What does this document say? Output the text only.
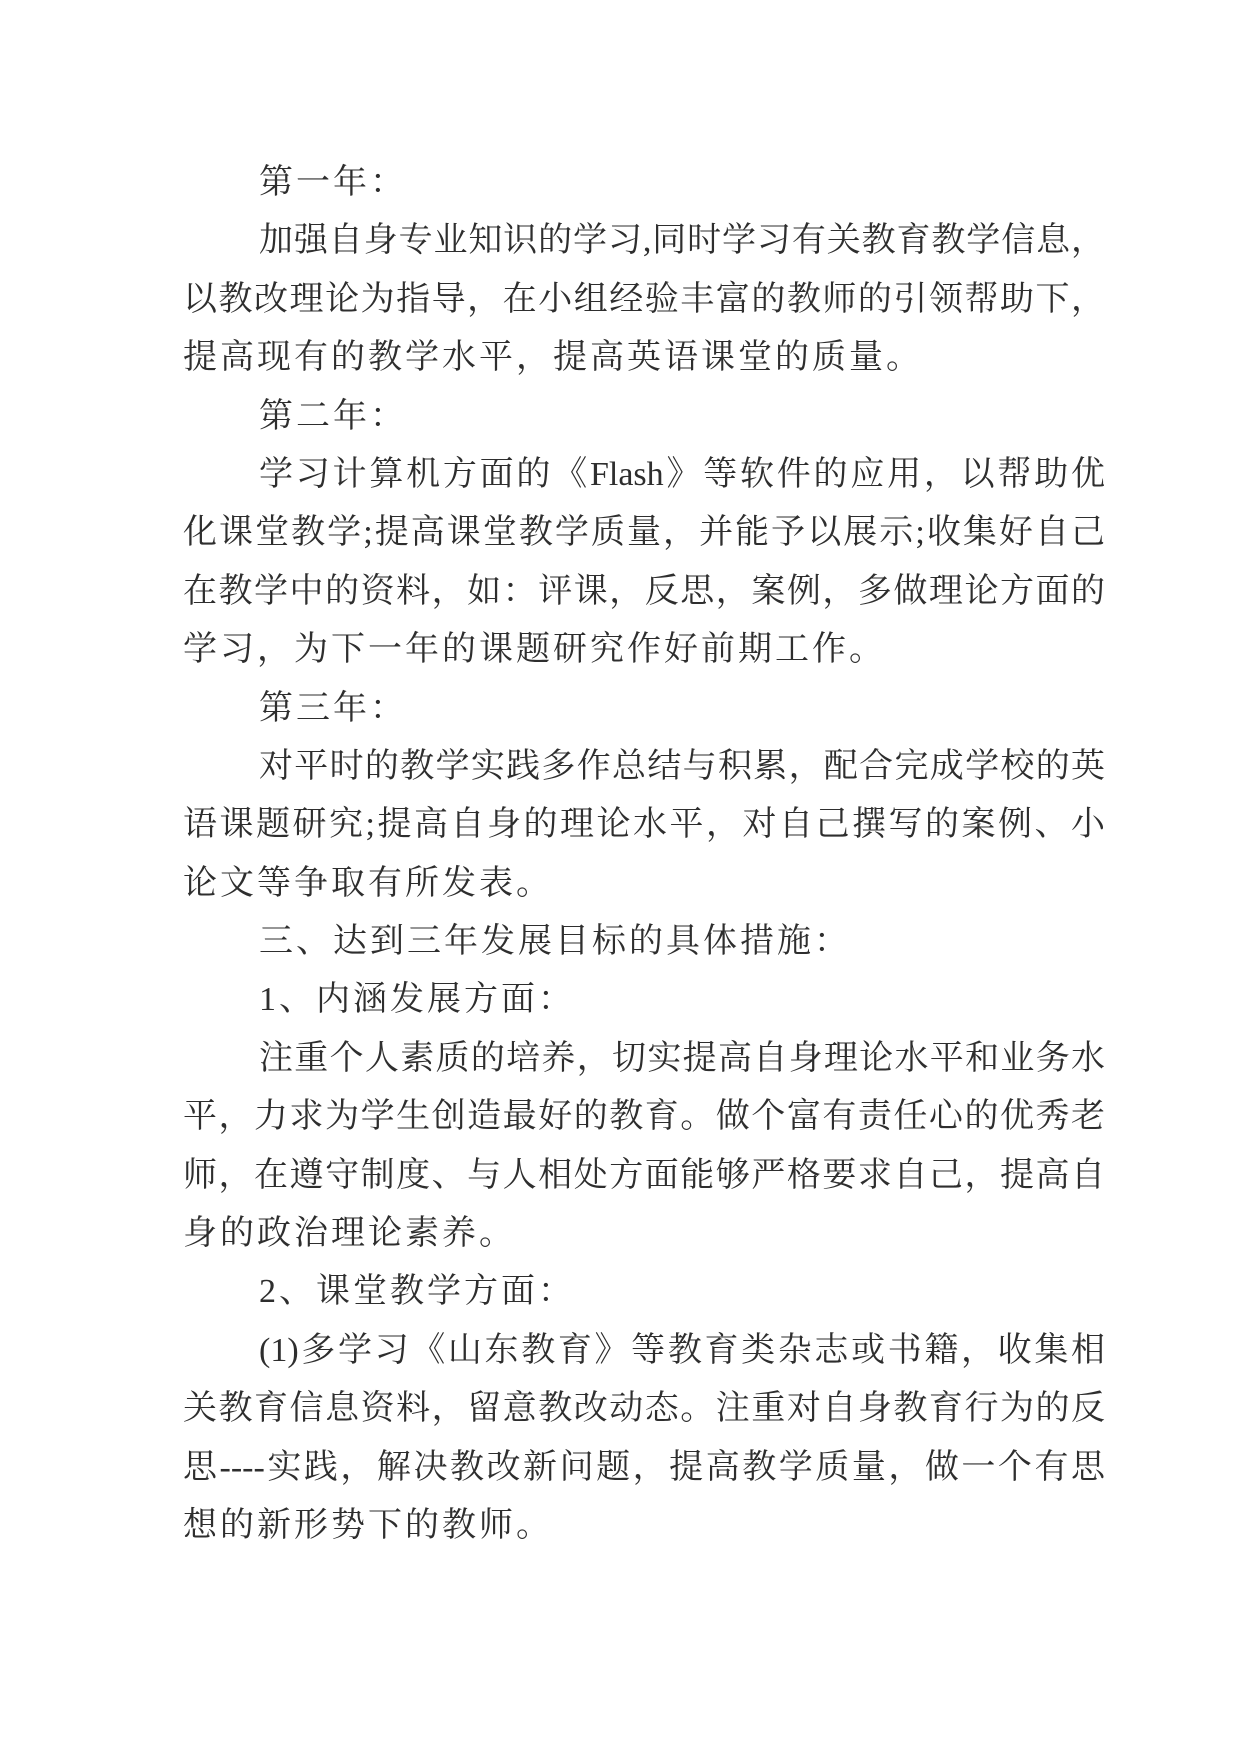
第一年：
加强自身专业知识的学习,同时学习有关教育教学信息，
以教改理论为指导，在小组经验丰富的教师的引领帮助下，
提高现有的教学水平，提高英语课堂的质量。
第二年：
学习计算机方面的《Flash》等软件的应用，以帮助优
化课堂教学;提高课堂教学质量，并能予以展示;收集好自己
在教学中的资料，如：评课，反思，案例，多做理论方面的
学习，为下一年的课题研究作好前期工作。
第三年：
对平时的教学实践多作总结与积累，配合完成学校的英
语课题研究;提高自身的理论水平，对自己撰写的案例、小
论文等争取有所发表。
三、达到三年发展目标的具体措施：
1、内涵发展方面：
注重个人素质的培养，切实提高自身理论水平和业务水
平，力求为学生创造最好的教育。做个富有责任心的优秀老
师，在遵守制度、与人相处方面能够严格要求自己，提高自
身的政治理论素养。
2、课堂教学方面：
(1)多学习《山东教育》等教育类杂志或书籍，收集相
关教育信息资料，留意教改动态。注重对自身教育行为的反
思----实践，解决教改新问题，提高教学质量，做一个有思
想的新形势下的教师。
